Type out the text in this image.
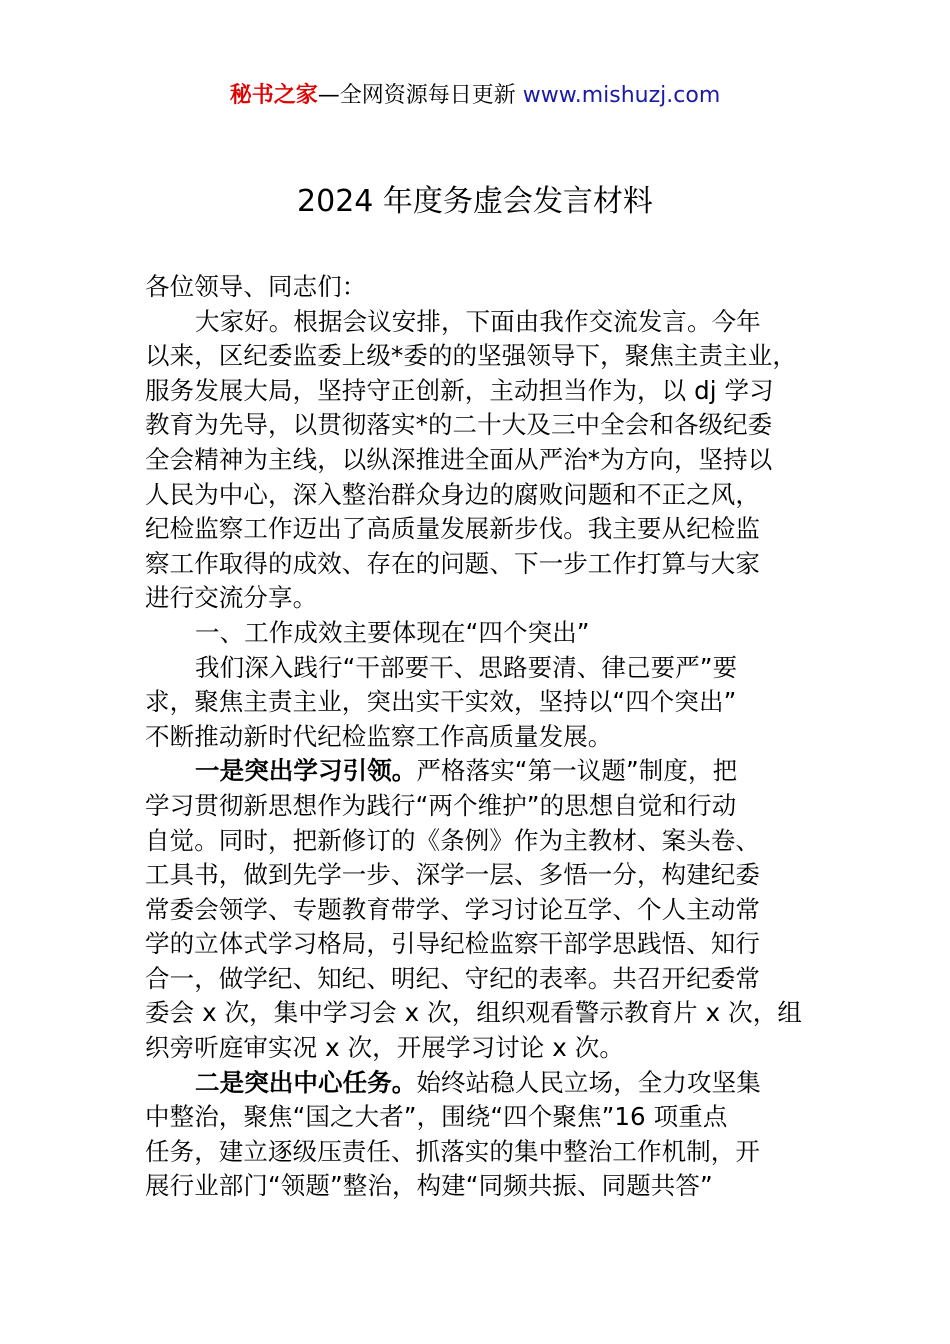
秘书之家—全网资源每日更新 www.mishuzj.com
2024 年度务虚会发言材料
各位领导、同志们：
大家好。根据会议安排，下面由我作交流发言。今年
以来，区纪委监委上级*委的的坚强领导下，聚焦主责主业，
服务发展大局，坚持守正创新，主动担当作为，以 dj 学习
教育为先导，以贯彻落实*的二十大及三中全会和各级纪委
全会精神为主线，以纵深推进全面从严治*为方向，坚持以
人民为中心，深入整治群众身边的腐败问题和不正之风，
纪检监察工作迈出了高质量发展新步伐。我主要从纪检监
察工作取得的成效、存在的问题、下一步工作打算与大家
进行交流分享。
一、工作成效主要体现在“四个突出”
我们深入践行“干部要干、思路要清、律己要严”要
求，聚焦主责主业，突出实干实效，坚持以“四个突出”
不断推动新时代纪检监察工作高质量发展。
一是突出学习引领。严格落实“第一议题”制度，把
学习贯彻新思想作为践行“两个维护”的思想自觉和行动
自觉。同时，把新修订的《条例》作为主教材、案头卷、
工具书，做到先学一步、深学一层、多悟一分，构建纪委
常委会领学、专题教育带学、学习讨论互学、个人主动常
学的立体式学习格局，引导纪检监察干部学思践悟、知行
合一，做学纪、知纪、明纪、守纪的表率。共召开纪委常
委会 x 次，集中学习会 x 次，组织观看警示教育片 x 次，组
织旁听庭审实况 x 次，开展学习讨论 x 次。
二是突出中心任务。始终站稳人民立场，全力攻坚集
中整治，聚焦“国之大者”，围绕“四个聚焦”16 项重点
任务，建立逐级压责任、抓落实的集中整治工作机制，开
展行业部门“领题”整治，构建“同频共振、同题共答”
